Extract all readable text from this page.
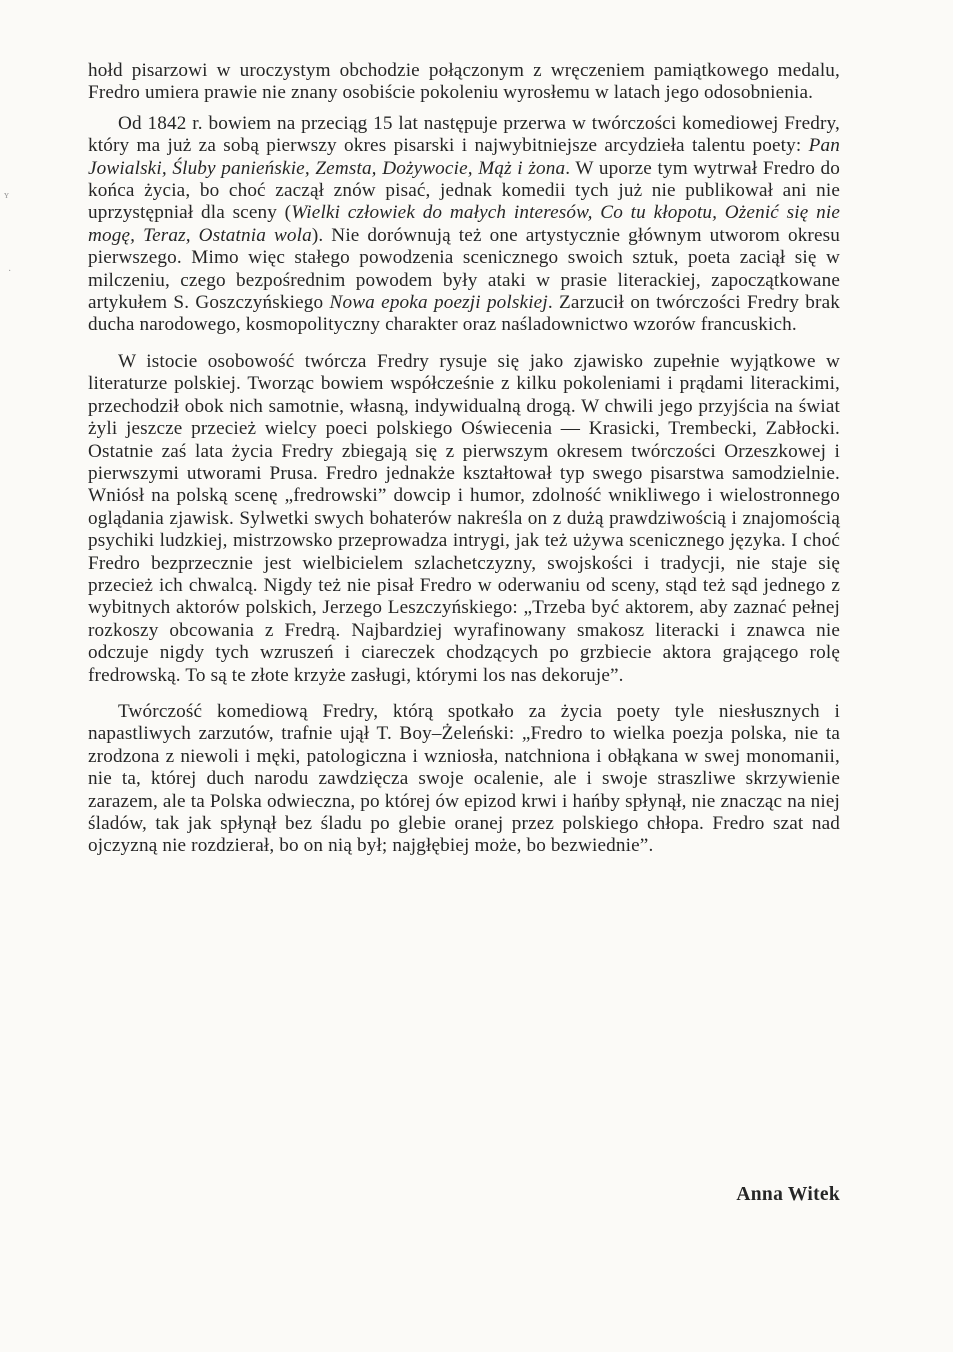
ʏ
·

hołd pisarzowi w uroczystym obchodzie połączonym z wręczeniem pamiątkowego medalu, Fredro umiera prawie nie znany osobiście pokoleniu wyrosłemu w latach jego odosobnienia.

Od 1842 r. bowiem na przeciąg 15 lat następuje przerwa w twórczości komediowej Fredry, który ma już za sobą pierwszy okres pisarski i najwybitniejsze arcydzieła talentu poety: Pan Jowialski, Śluby panieńskie, Zemsta, Dożywocie, Mąż i żona. W uporze tym wytrwał Fredro do końca życia, bo choć zaczął znów pisać, jednak komedii tych już nie publikował ani nie uprzystępniał dla sceny (Wielki człowiek do małych interesów, Co tu kłopotu, Ożenić się nie mogę, Teraz, Ostatnia wola). Nie dorównują też one artystycznie głównym utworom okresu pierwszego. Mimo więc stałego powodzenia scenicznego swoich sztuk, poeta zaciął się w milczeniu, czego bezpośrednim powodem były ataki w prasie literackiej, zapoczątkowane artykułem S. Goszczyńskiego Nowa epoka poezji polskiej. Zarzucił on twórczości Fredry brak ducha narodowego, kosmopolityczny charakter oraz naśladownictwo wzorów francuskich.

W istocie osobowość twórcza Fredry rysuje się jako zjawisko zupełnie wyjątkowe w literaturze polskiej. Tworząc bowiem współcześnie z kilku pokoleniami i prądami literackimi, przechodził obok nich samotnie, własną, indywidualną drogą. W chwili jego przyjścia na świat żyli jeszcze przecież wielcy poeci polskiego Oświecenia — Krasicki, Trembecki, Zabłocki. Ostatnie zaś lata życia Fredry zbiegają się z pierwszym okresem twórczości Orzeszkowej i pierwszymi utworami Prusa. Fredro jednakże kształtował typ swego pisarstwa samodzielnie. Wniósł na polską scenę „fredrowski” dowcip i humor, zdolność wnikliwego i wielostronnego oglądania zjawisk. Sylwetki swych bohaterów nakreśla on z dużą prawdziwością i znajomością psychiki ludzkiej, mistrzowsko przeprowadza intrygi, jak też używa scenicznego języka. I choć Fredro bezprzecznie jest wielbicielem szlachetczyzny, swojskości i tradycji, nie staje się przecież ich chwalcą. Nigdy też nie pisał Fredro w oderwaniu od sceny, stąd też sąd jednego z wybitnych aktorów polskich, Jerzego Leszczyńskiego: „Trzeba być aktorem, aby zaznać pełnej rozkoszy obcowania z Fredrą. Najbardziej wyrafinowany smakosz literacki i znawca nie odczuje nigdy tych wzruszeń i ciareczek chodzących po grzbiecie aktora grającego rolę fredrowską. To są te złote krzyże zasługi, którymi los nas dekoruje”.

Twórczość komediową Fredry, którą spotkało za życia poety tyle niesłusznych i napastliwych zarzutów, trafnie ujął T. Boy–Żeleński: „Fredro to wielka poezja polska, nie ta zrodzona z niewoli i męki, patologiczna i wzniosła, natchniona i obłąkana w swej monomanii, nie ta, której duch narodu zawdzięcza swoje ocalenie, ale i swoje straszliwe skrzywienie zarazem, ale ta Polska odwieczna, po której ów epizod krwi i hańby spłynął, nie znacząc na niej śladów, tak jak spłynął bez śladu po glebie oranej przez polskiego chłopa. Fredro szat nad ojczyzną nie rozdzierał, bo on nią był; najgłębiej może, bo bezwiednie”.

Anna Witek
